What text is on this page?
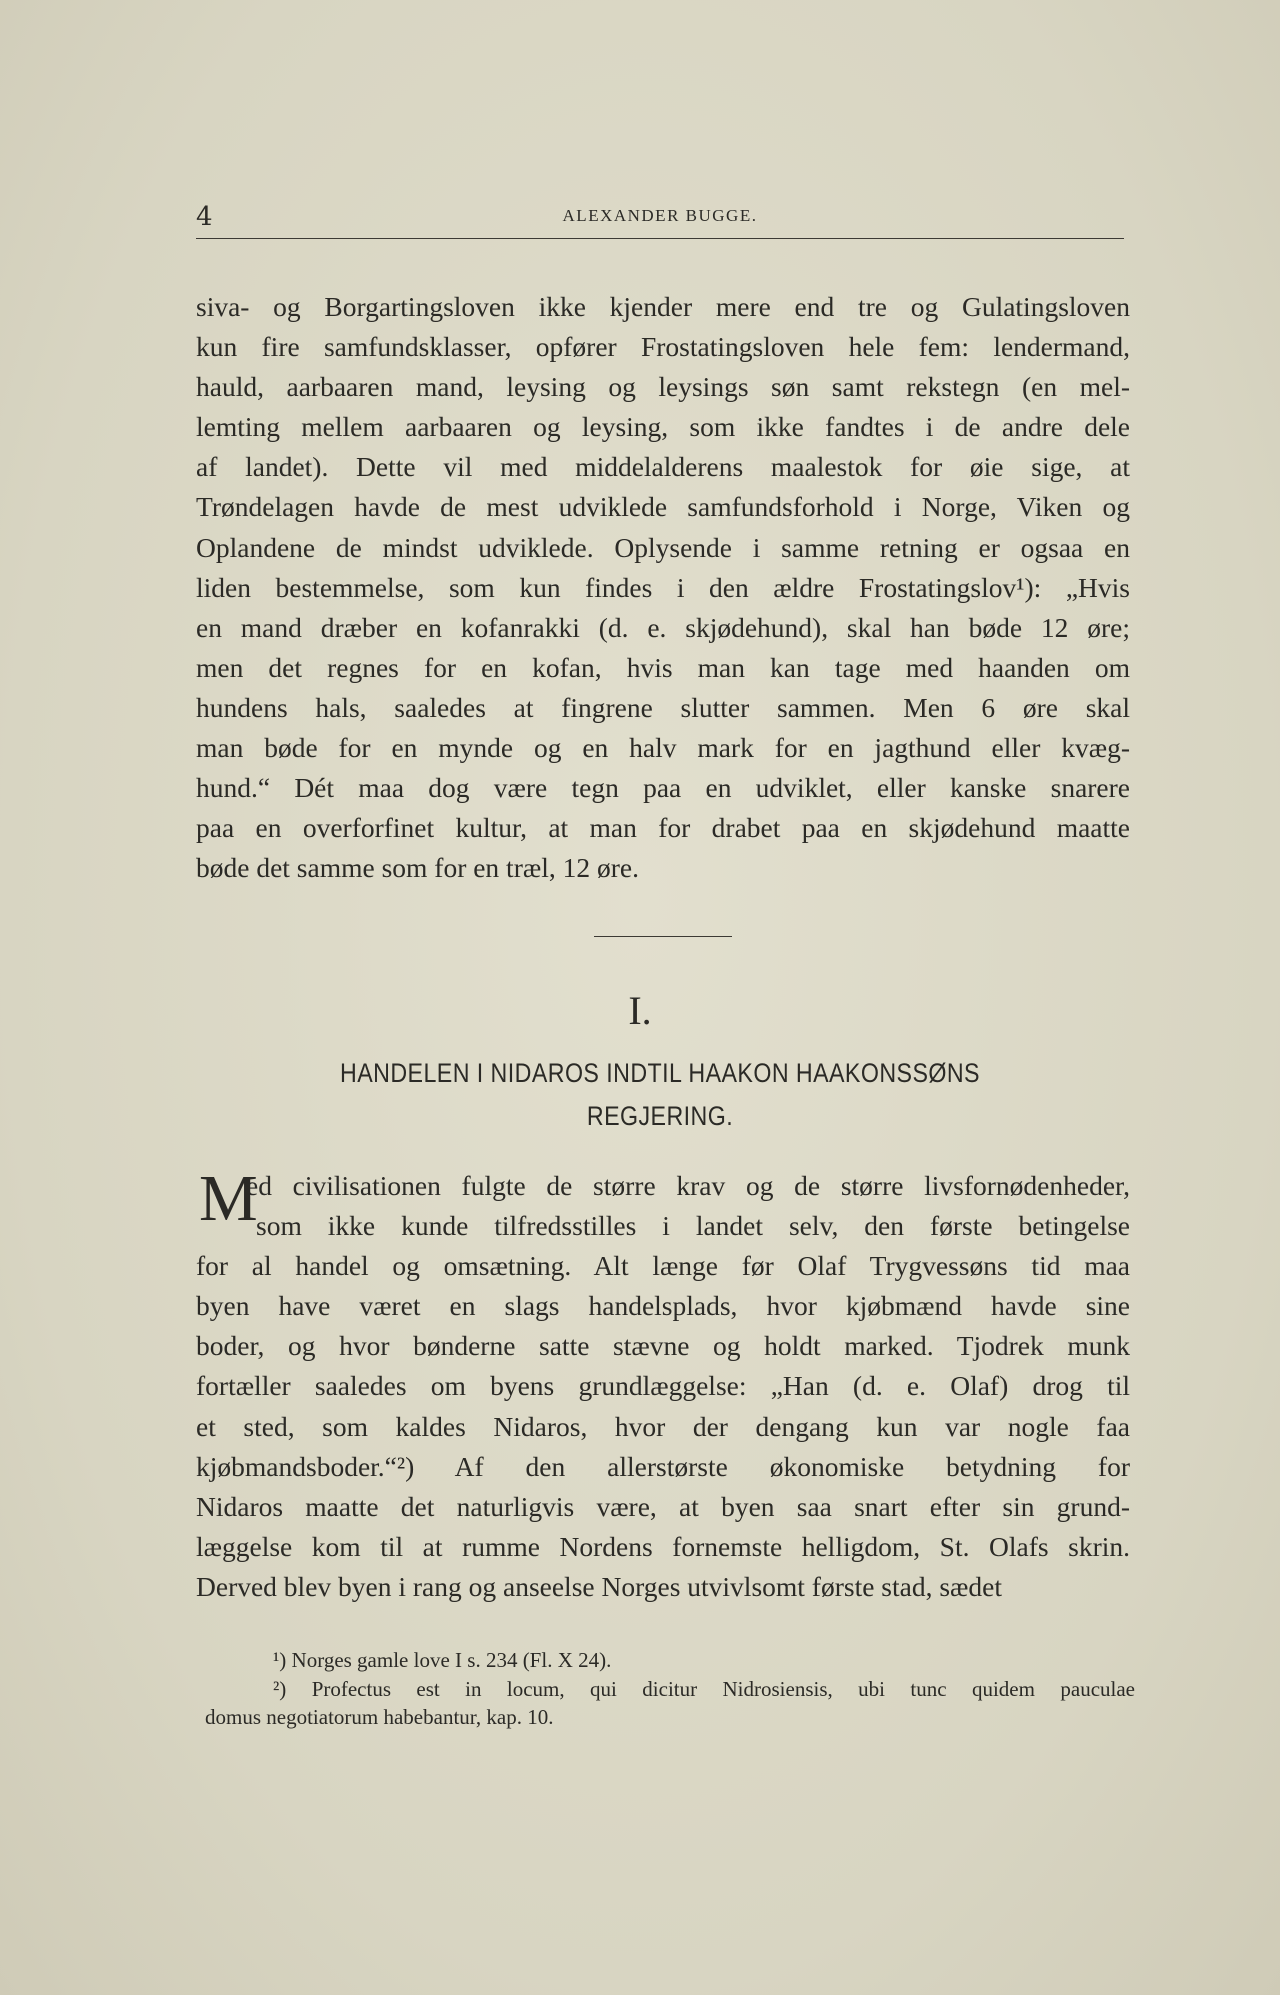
4	ALEXANDER BUGGE.
siva- og Borgartingsloven ikke kjender mere end tre og Gulatingsloven
kun fire samfundsklasser, opfører Frostatingsloven hele fem: lendermand,
hauld, aarbaaren mand, leysing og leysings søn samt rekstegn (en mel-
lemting mellem aarbaaren og leysing, som ikke fandtes i de andre dele
af landet). Dette vil med middelalderens maalestok for øie sige, at
Trøndelagen havde de mest udviklede samfundsforhold i Norge, Viken og
Oplandene de mindst udviklede. Oplysende i samme retning er ogsaa en
liden bestemmelse, som kun findes i den ældre Frostatingslov¹): „Hvis
en mand dræber en kofanrakki (d. e. skjødehund), skal han bøde 12 øre;
men det regnes for en kofan, hvis man kan tage med haanden om
hundens hals, saaledes at fingrene slutter sammen. Men 6 øre skal
man bøde for en mynde og en halv mark for en jagthund eller kvæg-
hund.“ Dét maa dog være tegn paa en udviklet, eller kanske snarere
paa en overforfinet kultur, at man for drabet paa en skjødehund maatte
bøde det samme som for en træl, 12 øre.
I.
HANDELEN I NIDAROS INDTIL HAAKON HAAKONSSØNS
REGJERING.
M
ed civilisationen fulgte de større krav og de større livsfornødenheder,
som ikke kunde tilfredsstilles i landet selv, den første betingelse
for al handel og omsætning. Alt længe før Olaf Trygvessøns tid maa
byen have været en slags handelsplads, hvor kjøbmænd havde sine
boder, og hvor bønderne satte stævne og holdt marked. Tjodrek munk
fortæller saaledes om byens grundlæggelse: „Han (d. e. Olaf) drog til
et sted, som kaldes Nidaros, hvor der dengang kun var nogle faa
kjøbmandsboder.“²) Af den allerstørste økonomiske betydning for
Nidaros maatte det naturligvis være, at byen saa snart efter sin grund-
læggelse kom til at rumme Nordens fornemste helligdom, St. Olafs skrin.
Derved blev byen i rang og anseelse Norges utvivlsomt første stad, sædet
¹) Norges gamle love I s. 234 (Fl. X 24).
²) Profectus est in locum, qui dicitur Nidrosiensis, ubi tunc quidem pauculae
domus negotiatorum habebantur, kap. 10.
